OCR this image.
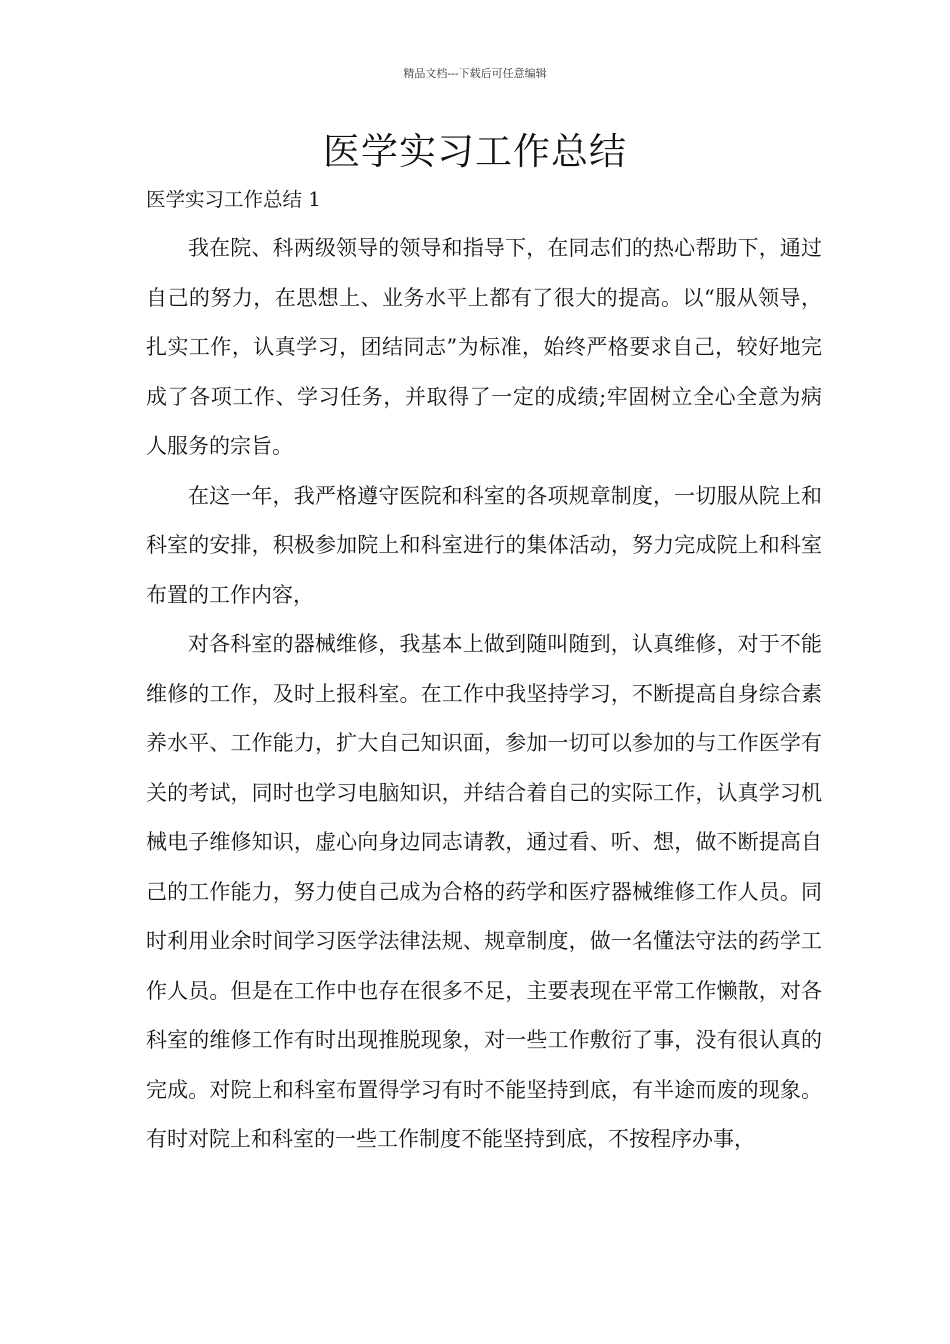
精品文档---下载后可任意编辑
医学实习工作总结
医学实习工作总结 1

我在院、科两级领导的领导和指导下，在同志们的热心帮助下，通过自己的努力，在思想上、业务水平上都有了很大的提高。以“服从领导，扎实工作，认真学习，团结同志”为标准，始终严格要求自己，较好地完成了各项工作、学习任务，并取得了一定的成绩;牢固树立全心全意为病人服务的宗旨。

在这一年，我严格遵守医院和科室的各项规章制度，一切服从院上和科室的安排，积极参加院上和科室进行的集体活动，努力完成院上和科室布置的工作内容，

对各科室的器械维修，我基本上做到随叫随到，认真维修，对于不能维修的工作，及时上报科室。在工作中我坚持学习，不断提高自身综合素养水平、工作能力，扩大自己知识面，参加一切可以参加的与工作医学有关的考试，同时也学习电脑知识，并结合着自己的实际工作，认真学习机械电子维修知识，虚心向身边同志请教，通过看、听、想，做不断提高自己的工作能力，努力使自己成为合格的药学和医疗器械维修工作人员。同时利用业余时间学习医学法律法规、规章制度，做一名懂法守法的药学工作人员。但是在工作中也存在很多不足，主要表现在平常工作懒散，对各科室的维修工作有时出现推脱现象，对一些工作敷衍了事，没有很认真的完成。对院上和科室布置得学习有时不能坚持到底，有半途而废的现象。有时对院上和科室的一些工作制度不能坚持到底，不按程序办事，
